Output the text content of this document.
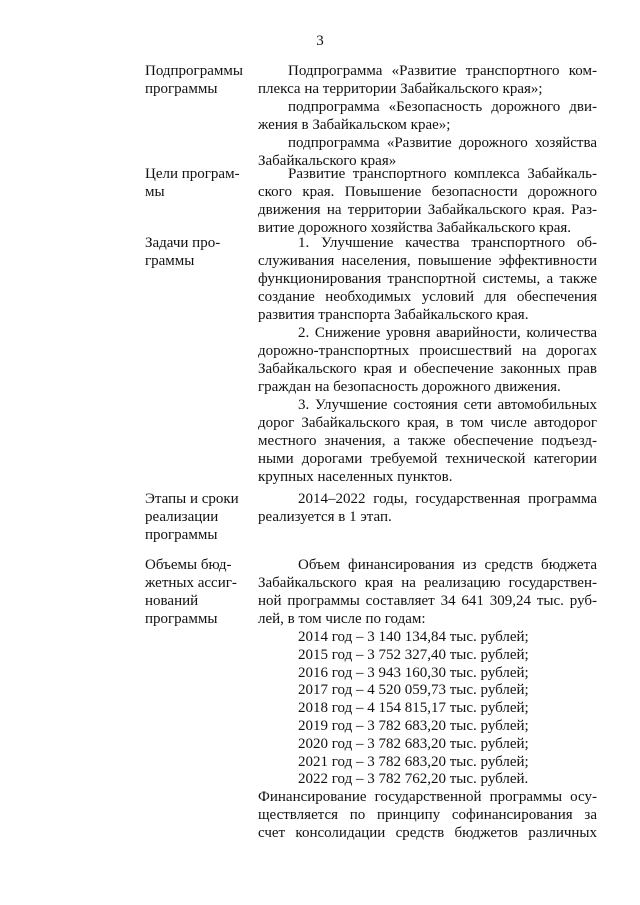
3
Подпрограммы
программы
Подпрограмма «Развитие транспортного ком-
плекса на территории Забайкальского края»;
подпрограмма «Безопасность дорожного дви-
жения в Забайкальском крае»;
подпрограмма «Развитие дорожного хозяйства
Забайкальского края»
Цели програм-
мы
Развитие транспортного комплекса Забайкаль-
ского края. Повышение безопасности дорожного
движения на территории Забайкальского края. Раз-
витие дорожного хозяйства Забайкальского края.
Задачи про-
граммы
1. Улучшение качества транспортного об-
служивания населения, повышение эффективности
функционирования транспортной системы, а также
создание необходимых условий для обеспечения
развития транспорта Забайкальского края.
2. Снижение уровня аварийности, количества
дорожно-транспортных происшествий на дорогах
Забайкальского края и обеспечение законных прав
граждан на безопасность дорожного движения.
3. Улучшение состояния сети автомобильных
дорог Забайкальского края, в том числе автодорог
местного значения, а также обеспечение подъезд-
ными дорогами требуемой технической категории
крупных населенных пунктов.
Этапы и сроки
реализации
программы
2014–2022 годы, государственная программа
реализуется в 1 этап.
Объемы бюд-
жетных ассиг-
нований
программы
Объем финансирования из средств бюджета
Забайкальского края на реализацию государствен-
ной программы составляет 34 641 309,24 тыс. руб-
лей, в том числе по годам:
2014 год – 3 140 134,84 тыс. рублей;
2015 год – 3 752 327,40 тыс. рублей;
2016 год – 3 943 160,30 тыс. рублей;
2017 год – 4 520 059,73 тыс. рублей;
2018 год – 4 154 815,17 тыс. рублей;
2019 год – 3 782 683,20 тыс. рублей;
2020 год – 3 782 683,20 тыс. рублей;
2021 год – 3 782 683,20 тыс. рублей;
2022 год – 3 782 762,20 тыс. рублей.
Финансирование государственной программы осу-
ществляется по принципу софинансирования за
счет консолидации средств бюджетов различных
